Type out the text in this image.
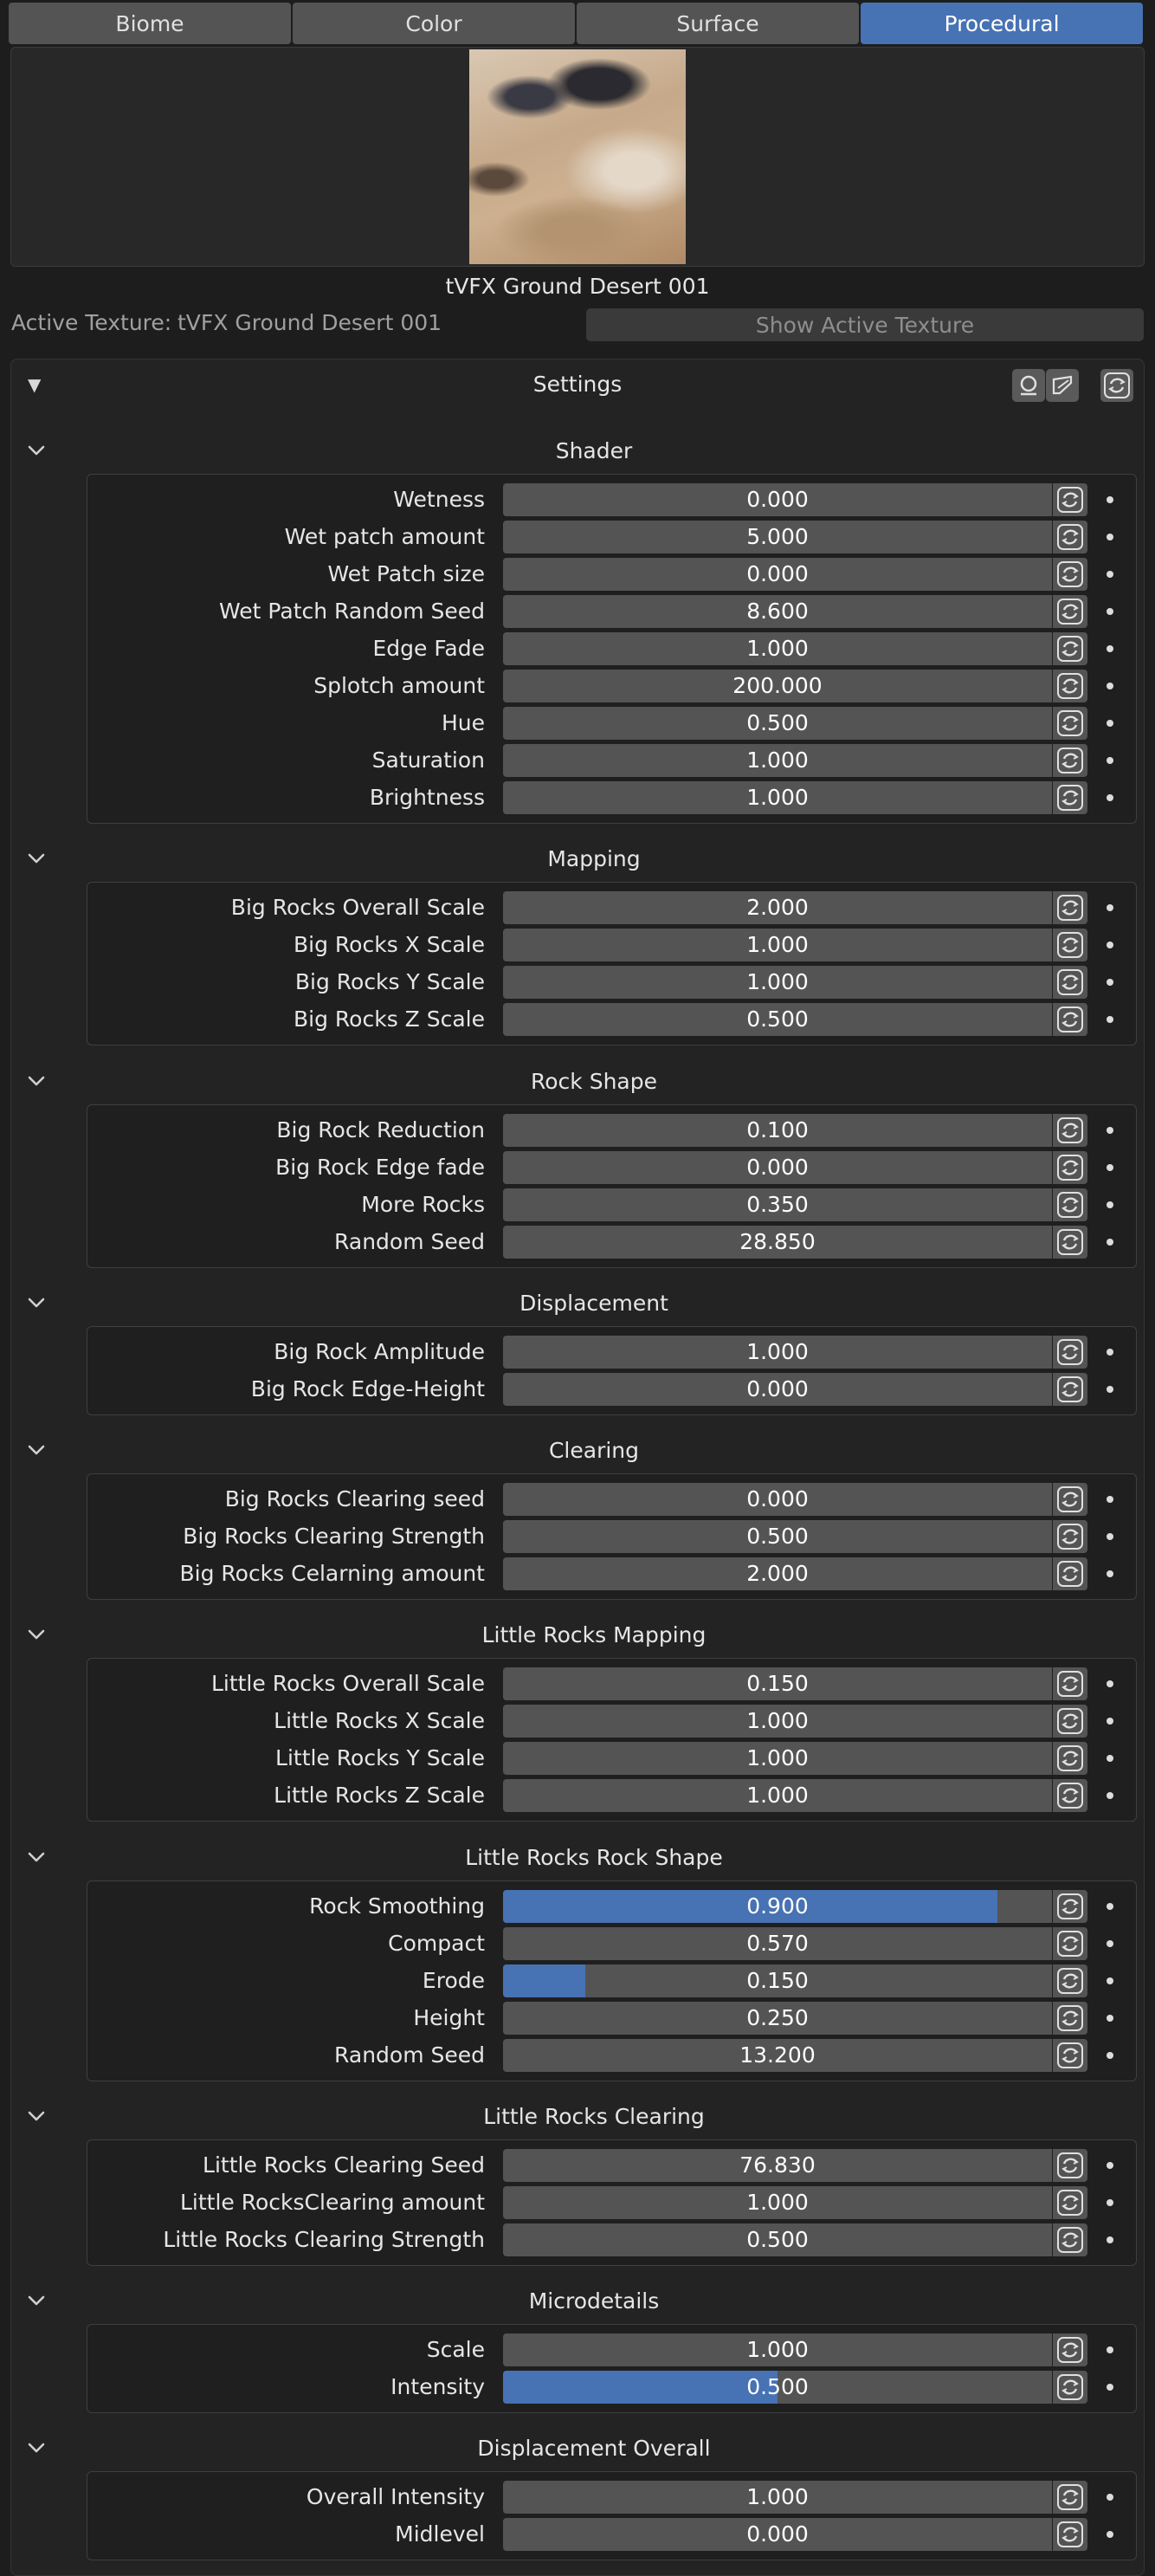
Biome	Color	Surface	Procedural
tVFX Ground Desert 001
Active Texture: tVFX Ground Desert 001	Show Active Texture
▼	Settings
Shader
Wetness	0.000
Wet patch amount	5.000
Wet Patch size	0.000
Wet Patch Random Seed	8.600
Edge Fade	1.000
Splotch amount	200.000
Hue	0.500
Saturation	1.000
Brightness	1.000
Mapping
Big Rocks Overall Scale	2.000
Big Rocks X Scale	1.000
Big Rocks Y Scale	1.000
Big Rocks Z Scale	0.500
Rock Shape
Big Rock Reduction	0.100
Big Rock Edge fade	0.000
More Rocks	0.350
Random Seed	28.850
Displacement
Big Rock Amplitude	1.000
Big Rock Edge-Height	0.000
Clearing
Big Rocks Clearing seed	0.000
Big Rocks Clearing Strength	0.500
Big Rocks Celarning amount	2.000
Little Rocks Mapping
Little Rocks Overall Scale	0.150
Little Rocks X Scale	1.000
Little Rocks Y Scale	1.000
Little Rocks Z Scale	1.000
Little Rocks Rock Shape
Rock Smoothing	0.900
Compact	0.570
Erode	0.150
Height	0.250
Random Seed	13.200
Little Rocks Clearing
Little Rocks Clearing Seed	76.830
Little RocksClearing amount	1.000
Little Rocks Clearing Strength	0.500
Microdetails
Scale	1.000
Intensity	0.500
Displacement Overall
Overall Intensity	1.000
Midlevel	0.000
